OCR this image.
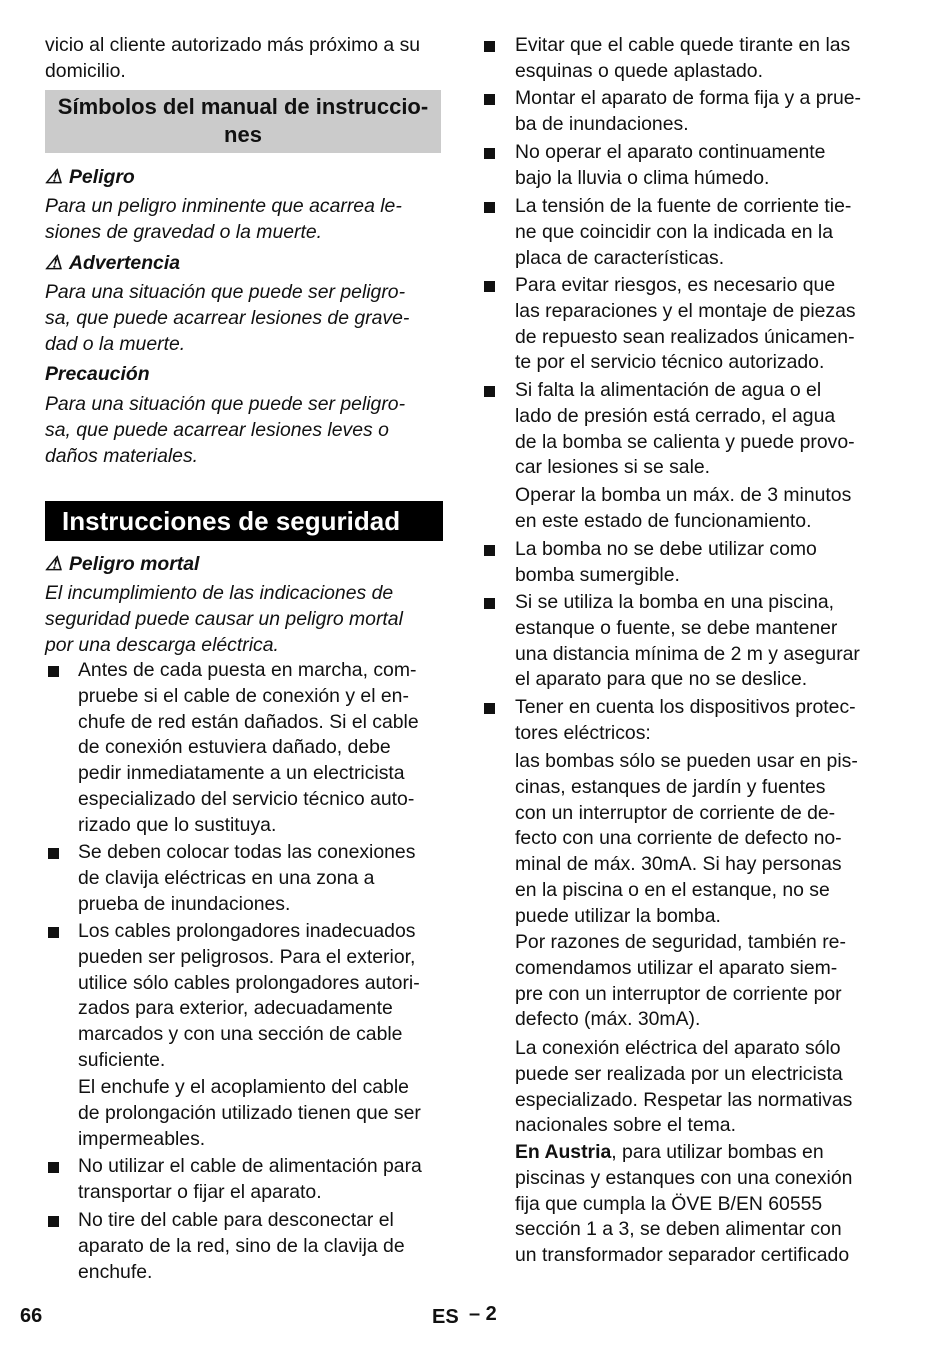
vicio al cliente autorizado más próximo a su
domicilio.
Símbolos del manual de instruccio- nes
⚠ Peligro
Para un peligro inminente que acarrea le-
siones de gravedad o la muerte.
⚠ Advertencia
Para una situación que puede ser peligro-
sa, que puede acarrear lesiones de grave-
dad o la muerte.
Precaución
Para una situación que puede ser peligro-
sa, que puede acarrear lesiones leves o
daños materiales.
Instrucciones de seguridad
⚠ Peligro mortal
El incumplimiento de las indicaciones de
seguridad puede causar un peligro mortal
por una descarga eléctrica.
Antes de cada puesta en marcha, com-
pruebe si el cable de conexión y el en-
chufe de red están dañados. Si el cable
de conexión estuviera dañado, debe
pedir inmediatamente a un electricista
especializado del servicio técnico auto-
rizado que lo sustituya.
Se deben colocar todas las conexiones
de clavija eléctricas en una zona a
prueba de inundaciones.
Los cables prolongadores inadecuados
pueden ser peligrosos. Para el exterior,
utilice sólo cables prolongadores autori-
zados para exterior, adecuadamente
marcados y con una sección de cable
suficiente.
El enchufe y el acoplamiento del cable
de prolongación utilizado tienen que ser
impermeables.
No utilizar el cable de alimentación para
transportar o fijar el aparato.
No tire del cable para desconectar el
aparato de la red, sino de la clavija de
enchufe.
Evitar que el cable quede tirante en las
esquinas o quede aplastado.
Montar el aparato de forma fija y a prue-
ba de inundaciones.
No operar el aparato continuamente
bajo la lluvia o clima húmedo.
La tensión de la fuente de corriente tie-
ne que coincidir con la indicada en la
placa de características.
Para evitar riesgos, es necesario que
las reparaciones y el montaje de piezas
de repuesto sean realizados únicamen-
te por el servicio técnico autorizado.
Si falta la alimentación de agua o el
lado de presión está cerrado, el agua
de la bomba se calienta y puede provo-
car lesiones si se sale.
Operar la bomba un máx. de 3 minutos
en este estado de funcionamiento.
La bomba no se debe utilizar como
bomba sumergible.
Si se utiliza la bomba en una piscina,
estanque o fuente, se debe mantener
una distancia mínima de 2 m y asegurar
el aparato para que no se deslice.
Tener en cuenta los dispositivos protec-
tores eléctricos:
las bombas sólo se pueden usar en pis-
cinas, estanques de jardín y fuentes
con un interruptor de corriente de de-
fecto con una corriente de defecto no-
minal de máx. 30mA. Si hay personas
en la piscina o en el estanque, no se
puede utilizar la bomba.
Por razones de seguridad, también re-
comendamos utilizar el aparato siem-
pre con un interruptor de corriente por
defecto (máx. 30mA).
La conexión eléctrica del aparato sólo
puede ser realizada por un electricista
especializado. Respetar las normativas
nacionales sobre el tema.
En Austria, para utilizar bombas en
piscinas y estanques con una conexión
fija que cumpla la ÖVE B/EN 60555
sección 1 a 3, se deben alimentar con
un transformador separador certificado
66	ES – 2
